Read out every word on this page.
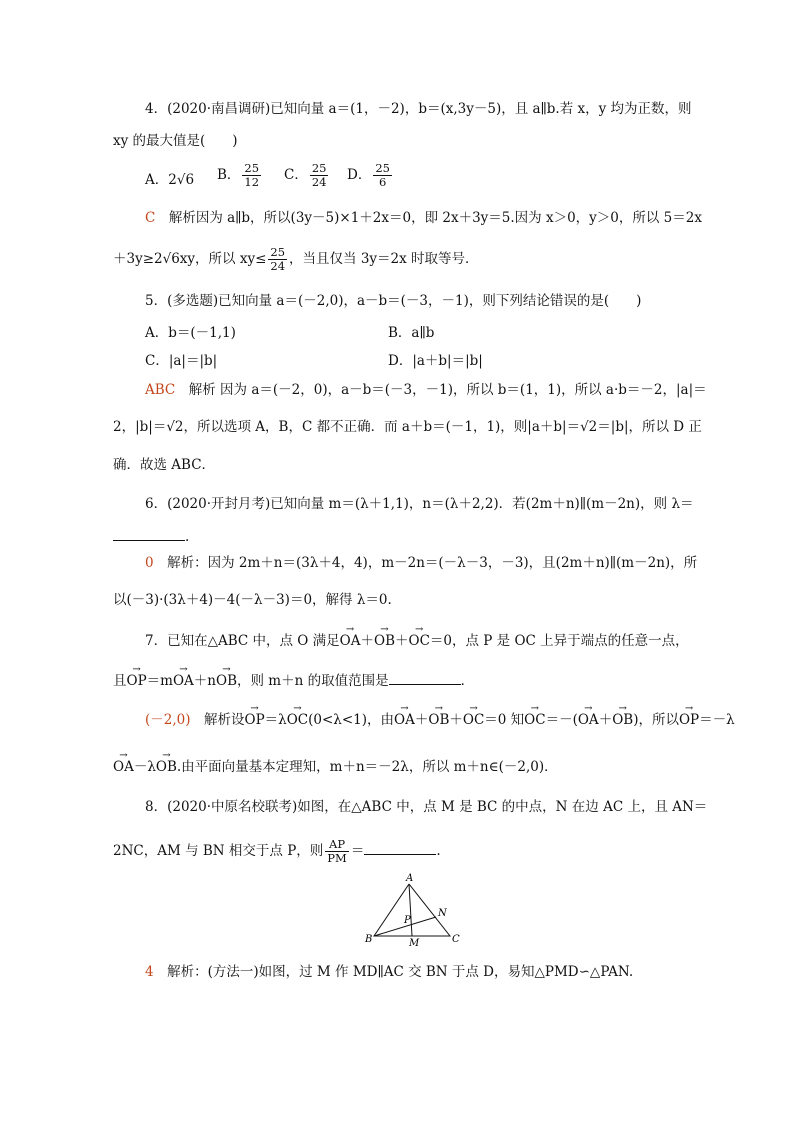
4．(2020·南昌调研)已知向量 a＝(1，－2)，b＝(x,3y－5)，且 a∥b.若 x，y 均为正数，则
xy 的最大值是(　　)
A．2√6 B． $\frac{25}{12}$ C． $\frac{25}{24}$ D． $\frac{25}{6}$
C　 解析因为 a∥b，所以(3y－5)×1＋2x＝0，即 2x＋3y＝5.因为 x＞0，y＞0，所以 5＝2x
＋3y≥2√6xy，所以 $xy\le \frac{25}{24}$ ，当且仅当 3y＝2x 时取等号．
5．(多选题)已知向量 a＝(－2,0)，a－b＝(－3，－1)，则下列结论错误的是(　　)
A．b＝(－1,1)	B．a∥b
C．|a|＝|b|	D．|a＋b|＝|b|
ABC　 解析 因为 a＝(－2，0)，a－b＝(－3，－1)，所以 b＝(1，1)，所以 a·b＝－2，|a|＝
2，|b|＝√2，所以选项 A，B，C 都不正确．而 a＋b＝(－1，1)，则|a＋b|＝√2＝|b|，所以 D 正
确．故选 ABC．
6．(2020·开封月考)已知向量 m＝(λ＋1,1)，n＝(λ＋2,2)．若(2m＋n)∥(m－2n)，则 λ＝
.
0　 解析：因为 2m＋n＝(3λ＋4，4)，m－2n＝(－λ－3，－3)，且(2m＋n)∥(m－2n)，所
以(－3)·(3λ＋4)－4(－λ－3)＝0，解得 λ＝0.
7．已知在△ABC 中，点 O 满足→ OA＋→ OB＋→ OC＝0，点 P 是 OC 上异于端点的任意一点，
且→ OP＝m→ OA＋n→ OB，则 m＋n 的取值范围是	．
(－2,0)　 解析设→ OP＝λ→ OC(0<λ<1)，由→ OA＋→ OB＋→ OC＝0 知→ OC＝－(→ OA＋→ OB)，所以→ OP＝－λ
→ OA－λ→ OB.由平面向量基本定理知，m＋n＝－2λ，所以 m＋n∈(－2,0)．
8．(2020·中原名校联考)如图，在△ABC 中，点 M 是 BC 的中点，N 在边 AC 上，且 AN＝
2NC，AM 与 BN 相交于点 P，则 $\frac{AP}{PM}$ ＝	.
A
B	C
M
N
P
4　 解析：(方法一)如图，过 M 作 MD∥AC 交 BN 于点 D，易知△PMD∽△PAN.
